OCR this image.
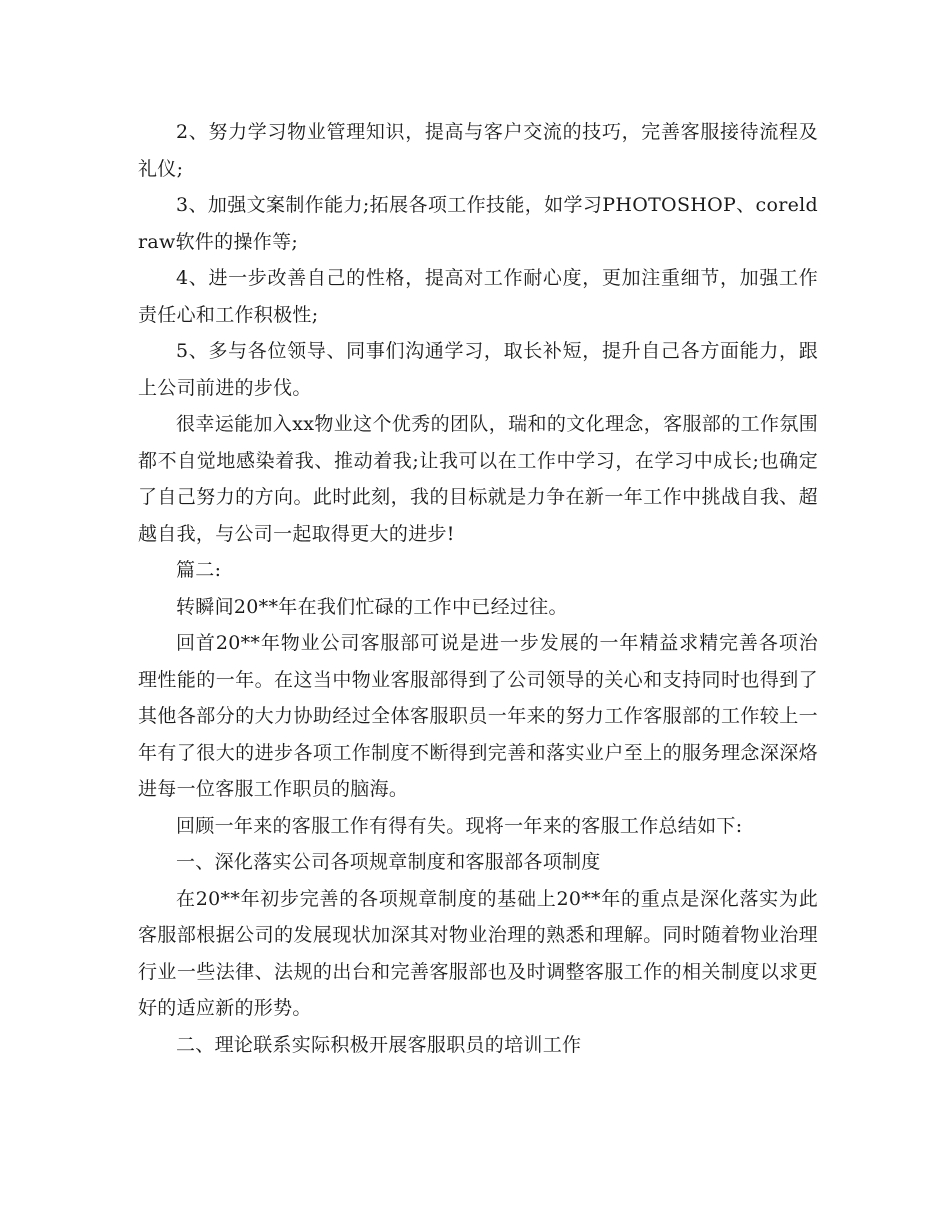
2、努力学习物业管理知识，提高与客户交流的技巧，完善客服接待流程及礼仪;

3、加强文案制作能力;拓展各项工作技能，如学习PHOTOSHOP、coreldraw软件的操作等;

4、进一步改善自己的性格，提高对工作耐心度，更加注重细节，加强工作责任心和工作积极性;

5、多与各位领导、同事们沟通学习，取长补短，提升自己各方面能力，跟上公司前进的步伐。

很幸运能加入xx物业这个优秀的团队，瑞和的文化理念，客服部的工作氛围都不自觉地感染着我、推动着我;让我可以在工作中学习，在学习中成长;也确定了自己努力的方向。此时此刻，我的目标就是力争在新一年工作中挑战自我、超越自我，与公司一起取得更大的进步!

篇二:

转瞬间20**年在我们忙碌的工作中已经过往。

回首20**年物业公司客服部可说是进一步发展的一年精益求精完善各项治理性能的一年。在这当中物业客服部得到了公司领导的关心和支持同时也得到了其他各部分的大力协助经过全体客服职员一年来的努力工作客服部的工作较上一年有了很大的进步各项工作制度不断得到完善和落实业户至上的服务理念深深烙进每一位客服工作职员的脑海。

回顾一年来的客服工作有得有失。现将一年来的客服工作总结如下:

一、深化落实公司各项规章制度和客服部各项制度

在20**年初步完善的各项规章制度的基础上20**年的重点是深化落实为此客服部根据公司的发展现状加深其对物业治理的熟悉和理解。同时随着物业治理行业一些法律、法规的出台和完善客服部也及时调整客服工作的相关制度以求更好的适应新的形势。

二、理论联系实际积极开展客服职员的培训工作
